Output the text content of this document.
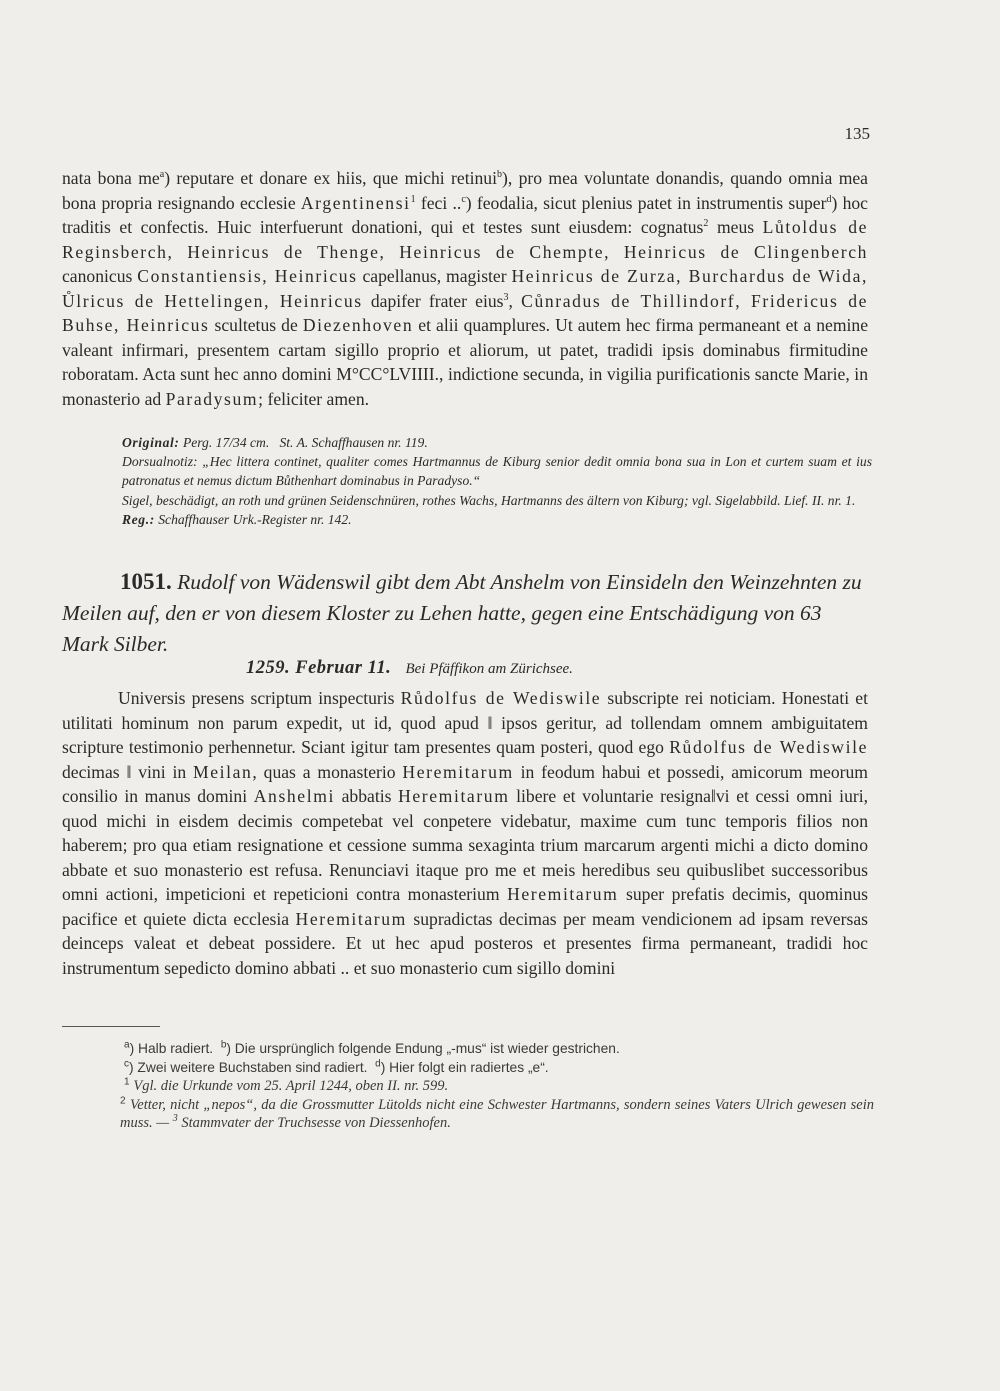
135

nata bona $me^a$) reputare et donare ex hiis, que michi retinui$^b$), pro mea voluntate donandis, quando omnia mea bona propria resignando ecclesie Argentinensi$^1$ feci ..$^c$) feodalia, sicut plenius patet in instrumentis super$^d$) hoc traditis et confectis. Huic interfuerunt donationi, qui et testes sunt eiusdem: cognatus$^2$ meus Lůtoldus de Reginsberch, Heinricus de Thenge, Heinricus de Chempte, Heinricus de Clingenberch canonicus Constantiensis, Heinricus capellanus, magister Heinricus de Zurza, Burchardus de Wida, Ůlricus de Hettelingen, Heinricus dapifer frater eius$^3$, Cůnradus de Thillindorf, Fridericus de Buhse, Heinricus scultetus de Diezenhoven et alii quamplures. Ut autem hec firma permaneant et a nemine valeant infirmari, presentem cartam sigillo proprio et aliorum, ut patet, tradidi ipsis dominabus firmitudine roboratam. Acta sunt hec anno domini M°CC°LVIIII., indictione secunda, in vigilia purificationis sancte Marie, in monasterio ad Paradysum; feliciter amen.

Original: Perg. 17/34 cm.   St. A. Schaffhausen nr. 119.

Dorsualnotiz: „Hec littera continet, qualiter comes Hartmannus de Kiburg senior dedit omnia bona sua in Lon et curtem suam et ius patronatus et nemus dictum Bůthenhart dominabus in Paradyso.“

Sigel, beschädigt, an roth und grünen Seidenschnüren, rothes Wachs, Hartmanns des ältern von Kiburg; vgl. Sigelabbild. Lief. II. nr. 1.

Reg.: Schaffhauser Urk.-Register nr. 142.

1051. Rudolf von Wädenswil gibt dem Abt Anshelm von Einsideln den Weinzehnten zu Meilen auf, den er von diesem Kloster zu Lehen hatte, gegen eine Entschädigung von 63 Mark Silber.

1259. Februar 11. Bei Pfäffikon am Zürichsee.

Universis presens scriptum inspecturis Růdolfus de Wediswile subscripte rei noticiam. Honestati et utilitati hominum non parum expedit, ut id, quod apud ‖ ipsos geritur, ad tollendam omnem ambiguitatem scripture testimonio perhennetur. Sciant igitur tam presentes quam posteri, quod ego Růdolfus de Wediswile decimas ‖ vini in Meilan, quas a monasterio Heremitarum in feodum habui et possedi, amicorum meorum consilio in manus domini Anshelmi abbatis Heremitarum libere et voluntarie resigna‖vi et cessi omni iuri, quod michi in eisdem decimis competebat vel conpetere videbatur, maxime cum tunc temporis filios non haberem; pro qua etiam resignatione et cessione summa sexaginta trium marcarum argenti michi a dicto domino abbate et suo monasterio est refusa. Renunciavi itaque pro me et meis heredibus seu quibuslibet successoribus omni actioni, impeticioni et repeticioni contra monasterium Heremitarum super prefatis decimis, quominus pacifice et quiete dicta ecclesia Heremitarum supradictas decimas per meam vendicionem ad ipsam reversas deinceps valeat et debeat possidere. Et ut hec apud posteros et presentes firma permaneant, tradidi hoc instrumentum sepedicto domino abbati .. et suo monasterio cum sigillo domini

$^a$) Halb radiert.  $^b$) Die ursprünglich folgende Endung „-mus“ ist wieder gestrichen.

$^c$) Zwei weitere Buchstaben sind radiert.  $^d$) Hier folgt ein radiertes „e“.

$^1$ Vgl. die Urkunde vom 25. April 1244, oben II. nr. 599.

$^2$ Vetter, nicht „nepos“, da die Grossmutter Lütolds nicht eine Schwester Hartmanns, sondern seines Vaters Ulrich gewesen sein muss. — $^3$ Stammvater der Truchsesse von Diessenhofen.
